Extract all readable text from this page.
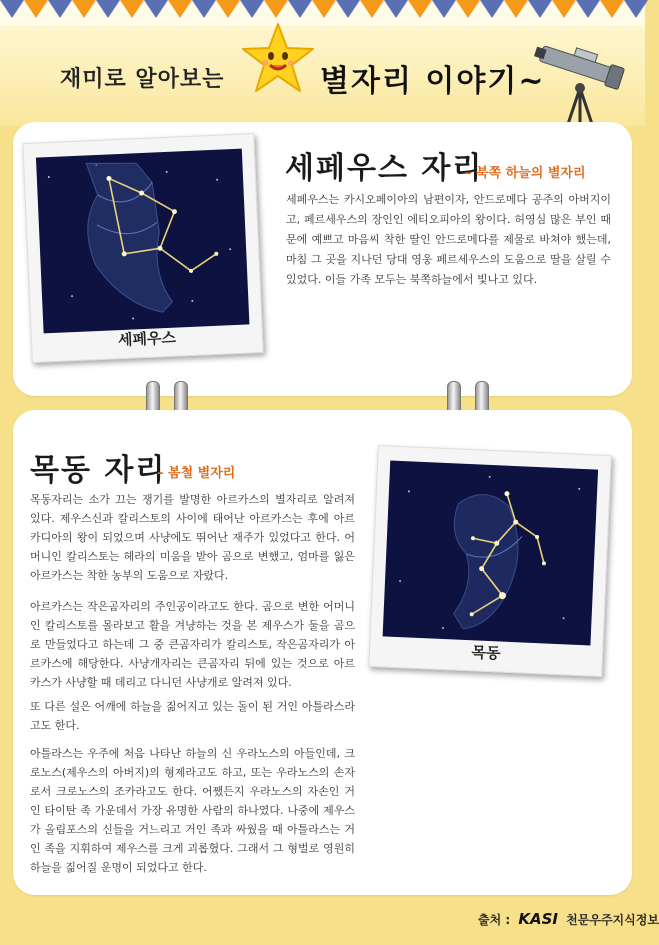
재미로 알아보는	별자리 이야기~
세페우스
세페우스 자리
– 북쪽 하늘의 별자리

세페우스는 카시오페이아의 남편이자, 안드로메다 공주의 아버지이고, 페르세우스의 장인인 에티오피아의 왕이다. 허영심 많은 부인 때문에 예쁘고 마음씨 착한 딸인 안드로메다를 제물로 바쳐야 했는데, 마침 그 곳을 지나던 당대 영웅 페르세우스의 도움으로 딸을 살릴 수 있었다. 이들 가족 모두는 북쪽하늘에서 빛나고 있다.

목동 자리
– 봄철 별자리

목동자리는 소가 끄는 쟁기를 발명한 아르카스의 별자리로 알려져 있다. 제우스신과 칼리스토의 사이에 태어난 아르카스는 후에 아르카디아의 왕이 되었으며 사냥에도 뛰어난 재주가 있었다고 한다. 어머니인 칼리스토는 헤라의 미움을 받아 곰으로 변했고, 엄마를 잃은 아르카스는 착한 농부의 도움으로 자랐다.

아르카스는 작은곰자리의 주인공이라고도 한다. 곰으로 변한 어머니인 칼리스토를 몰라보고 활을 겨냥하는 것을 본 제우스가 둘을 곰으로 만들었다고 하는데 그 중 큰곰자리가 칼리스토, 작은곰자리가 아르카스에 해당한다. 사냥개자리는 큰곰자리 뒤에 있는 것으로 아르카스가 사냥할 때 데리고 다니던 사냥개로 알려져 있다.

또 다른 설은 어깨에 하늘을 짊어지고 있는 돌이 된 거인 아틀라스라고도 한다.

아틀라스는 우주에 처음 나타난 하늘의 신 우라노스의 아들인데, 크로노스(제우스의 아버지)의 형제라고도 하고, 또는 우라노스의 손자로서 크로노스의 조카라고도 한다. 어쨌든지 우라노스의 자손인 거인 타이탄 족 가운데서 가장 유명한 사람의 하나였다. 나중에 제우스가 올림포스의 신들을 거느리고 거인 족과 싸웠을 때 아틀라스는 거인 족을 지휘하여 제우스를 크게 괴롭혔다. 그래서 그 형벌로 영원히 하늘을 짊어질 운명이 되었다고 한다.

목동
출처 : KASI 천문우주지식정보
